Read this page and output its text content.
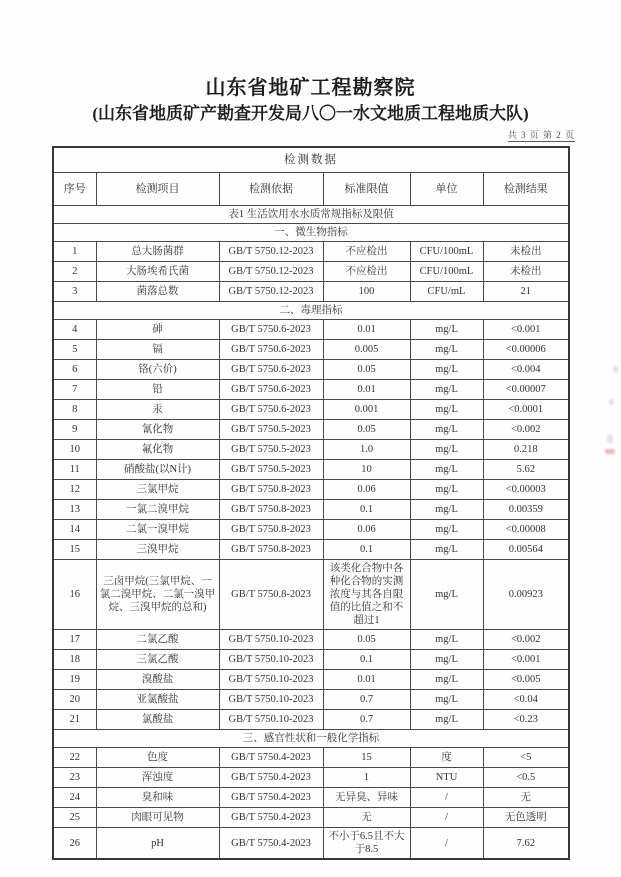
山东省地矿工程勘察院
(山东省地质矿产勘查开发局八〇一水文地质工程地质大队)
共 3 页 第 2 页
检测数据					
序号	检测项目	检测依据	标准限值	单位	检测结果
表1 生活饮用水水质常规指标及限值					
一、微生物指标					
1	总大肠菌群	GB/T 5750.12-2023	不应检出	CFU/100mL	未检出
2	大肠埃希氏菌	GB/T 5750.12-2023	不应检出	CFU/100mL	未检出
3	菌落总数	GB/T 5750.12-2023	100	CFU/mL	21
二、毒理指标					
4	砷	GB/T 5750.6-2023	0.01	mg/L	<0.001
5	镉	GB/T 5750.6-2023	0.005	mg/L	<0.00006
6	铬(六价)	GB/T 5750.6-2023	0.05	mg/L	<0.004
7	铅	GB/T 5750.6-2023	0.01	mg/L	<0.00007
8	汞	GB/T 5750.6-2023	0.001	mg/L	<0.0001
9	氰化物	GB/T 5750.5-2023	0.05	mg/L	<0.002
10	氟化物	GB/T 5750.5-2023	1.0	mg/L	0.218
11	硝酸盐(以N计)	GB/T 5750.5-2023	10	mg/L	5.62
12	三氯甲烷	GB/T 5750.8-2023	0.06	mg/L	<0.00003
13	一氯二溴甲烷	GB/T 5750.8-2023	0.1	mg/L	0.00359
14	二氯一溴甲烷	GB/T 5750.8-2023	0.06	mg/L	<0.00008
15	三溴甲烷	GB/T 5750.8-2023	0.1	mg/L	0.00564
16	三卤甲烷(三氯甲烷、一氯二溴甲烷、二氯一溴甲烷、三溴甲烷的总和)	GB/T 5750.8-2023	该类化合物中各种化合物的实测浓度与其各自限值的比值之和不超过1	mg/L	0.00923
17	二氯乙酸	GB/T 5750.10-2023	0.05	mg/L	<0.002
18	三氯乙酸	GB/T 5750.10-2023	0.1	mg/L	<0.001
19	溴酸盐	GB/T 5750.10-2023	0.01	mg/L	<0.005
20	亚氯酸盐	GB/T 5750.10-2023	0.7	mg/L	<0.04
21	氯酸盐	GB/T 5750.10-2023	0.7	mg/L	<0.23
三、感官性状和一般化学指标					
22	色度	GB/T 5750.4-2023	15	度	<5
23	浑浊度	GB/T 5750.4-2023	1	NTU	<0.5
24	臭和味	GB/T 5750.4-2023	无异臭、异味	/	无
25	肉眼可见物	GB/T 5750.4-2023	无	/	无色透明
26	pH	GB/T 5750.4-2023	不小于6.5且不大于8.5	/	7.62
